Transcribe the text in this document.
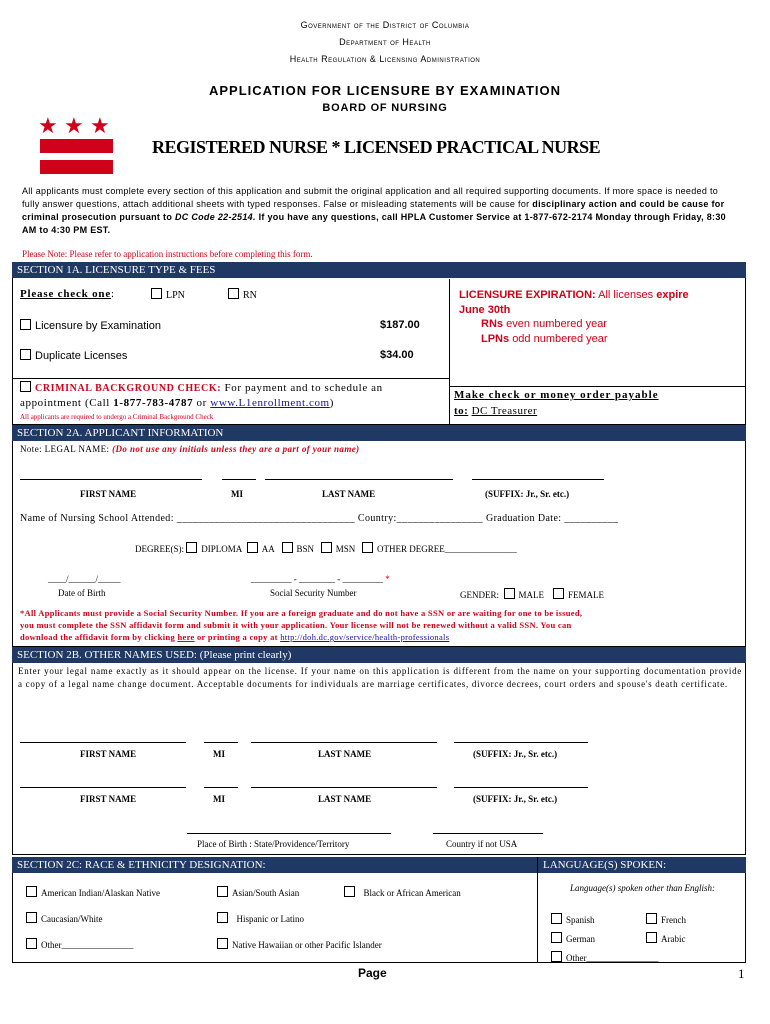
Government of the District of Columbia
Department of Health
Health Regulation & Licensing Administration
APPLICATION FOR LICENSURE BY EXAMINATION
BOARD OF NURSING
★ ★ ★
REGISTERED NURSE * LICENSED PRACTICAL NURSE
All applicants must complete every section of this application and submit the original application and all required supporting documents. If more space is needed to fully answer questions, attach additional sheets with typed responses. False or misleading statements will be cause for disciplinary action and could be cause for criminal prosecution pursuant to DC Code 22-2514. If you have any questions, call HPLA Customer Service at 1-877-672-2174 Monday through Friday, 8:30 AM to 4:30 PM EST.
Please Note: Please refer to application instructions before completing this form.
SECTION 1A. LICENSURE TYPE & FEES
Please check one:	LPN	RN
Licensure by Examination	$187.00
Duplicate Licenses	$34.00
CRIMINAL BACKGROUND CHECK: For payment and to schedule an appointment (Call 1-877-783-4787 or www.L1enrollment.com)
All applicants are required to undergo a Criminal Background Check
LICENSURE EXPIRATION: All licenses expire
June 30th
RNs even numbered year
LPNs odd numbered year
Make check or money order payable
to: DC Treasurer
SECTION 2A. APPLICANT INFORMATION
Note: LEGAL NAME: (Do not use any initials unless they are a part of your name)
FIRST NAME	MI	LAST NAME	(SUFFIX: Jr., Sr. etc.)
Name of Nursing School Attended: _________________________________ Country:________________ Graduation Date: __________
DEGREE(S): DIPLOMA AA BSN MSN OTHER DEGREE________________
____/______/_____
Date of Birth
_________ - ________ - _________ *
Social Security Number	GENDER: MALE	FEMALE
*All Applicants must provide a Social Security Number. If you are a foreign graduate and do not have a SSN or are waiting for one to be issued,
you must complete the SSN affidavit form and submit it with your application. Your license will not be renewed without a valid SSN. You can
download the affidavit form by clicking here or printing a copy at http://doh.dc.gov/service/health-professionals
SECTION 2B. OTHER NAMES USED: (Please print clearly)
Enter your legal name exactly as it should appear on the license. If your name on this application is different from the name on your supporting documentation provide a copy of a legal name change document. Acceptable documents for individuals are marriage certificates, divorce decrees, court orders and spouse's death certificate.
FIRST NAME	MI	LAST NAME	(SUFFIX: Jr., Sr. etc.)
FIRST NAME	MI	LAST NAME	(SUFFIX: Jr., Sr. etc.)
Place of Birth : State/Providence/Territory	Country if not USA
SECTION 2C: RACE & ETHNICITY DESIGNATION:	LANGUAGE(S) SPOKEN:
American Indian/Alaskan Native	Asian/South Asian	Black or African American
Caucasian/White	Hispanic or Latino
Other________________	Native Hawaiian or other Pacific Islander
Language(s) spoken other than English:
Spanish	French
German	Arabic
Other________________
Page	1
